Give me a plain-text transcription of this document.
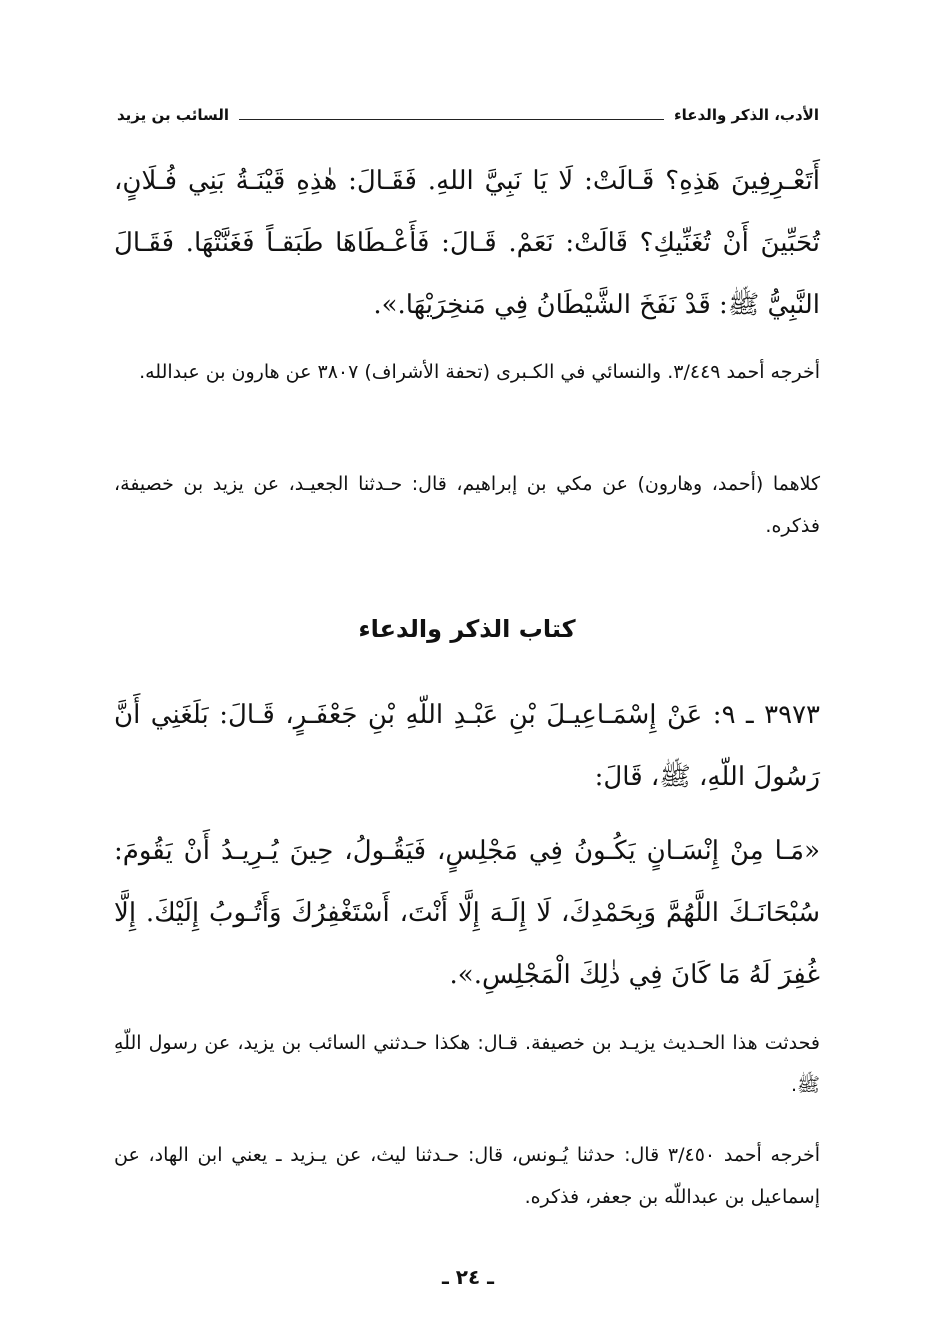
الأدب، الذكر والدعاء
السائب بن يزيد

أَتَعْـرِفِينَ هَذِهِ؟ قَـالَتْ: لَا يَا نَبِيَّ اللهِ. فَقَـالَ: هٰذِهِ قَيْنَـةُ بَنِي فُـلَانٍ، تُحَبِّينَ أَنْ تُغَنِّيكِ؟ قَالَتْ: نَعَمْ. قَـالَ: فَأَعْـطَاهَا طَبَقـاً فَغَنَّتْهَا. فَقَـالَ النَّبِيُّ ﷺ: قَدْ نَفَخَ الشَّيْطَانُ فِي مَنخِرَيْهَا.».

أخرجه أحمد ٣/٤٤٩. والنسائي في الكـبرى (تحفة الأشراف) ٣٨٠٧ عن هارون بن عبدالله.

كلاهما (أحمد، وهارون) عن مكي بن إبراهيم، قال: حـدثنا الجعيـد، عن يزيد بن خصيفة، فذكره.

كتاب الذكر والدعاء

٣٩٧٣ ـ ٩: عَنْ إِسْمَـاعِيـلَ بْنِ عَبْـدِ اللّهِ بْنِ جَعْفَـرٍ، قَـالَ: بَلَغَنِي أَنَّ رَسُولَ اللّهِ، ﷺ، قَالَ:

«مَـا مِنْ إِنْسَـانٍ يَكُـونُ فِي مَجْلِسٍ، فَيَقُـولُ، حِينَ يُـرِيـدُ أَنْ يَقُومَ: سُبْحَانَـكَ اللَّهُمَّ وَبِحَمْدِكَ، لَا إِلَـهَ إِلَّا أَنْتَ، أَسْتَغْفِرُكَ وَأَتُـوبُ إِلَيْكَ. إِلَّا غُفِرَ لَهُ مَا كَانَ فِي ذٰلِكَ الْمَجْلِسِ.».

فحدثت هذا الحـديث يزيـد بن خصيفة. قـال: هكذا حـدثني السائب بن يزيد، عن رسول اللّهِ ﷺ.

أخرجه أحمد ٣/٤٥٠ قال: حدثنا يُـونس، قال: حـدثنا ليث، عن يـزيد ـ يعني ابن الهاد، عن إسماعيل بن عبداللّه بن جعفر، فذكره.

ـ ٢٤ ـ
